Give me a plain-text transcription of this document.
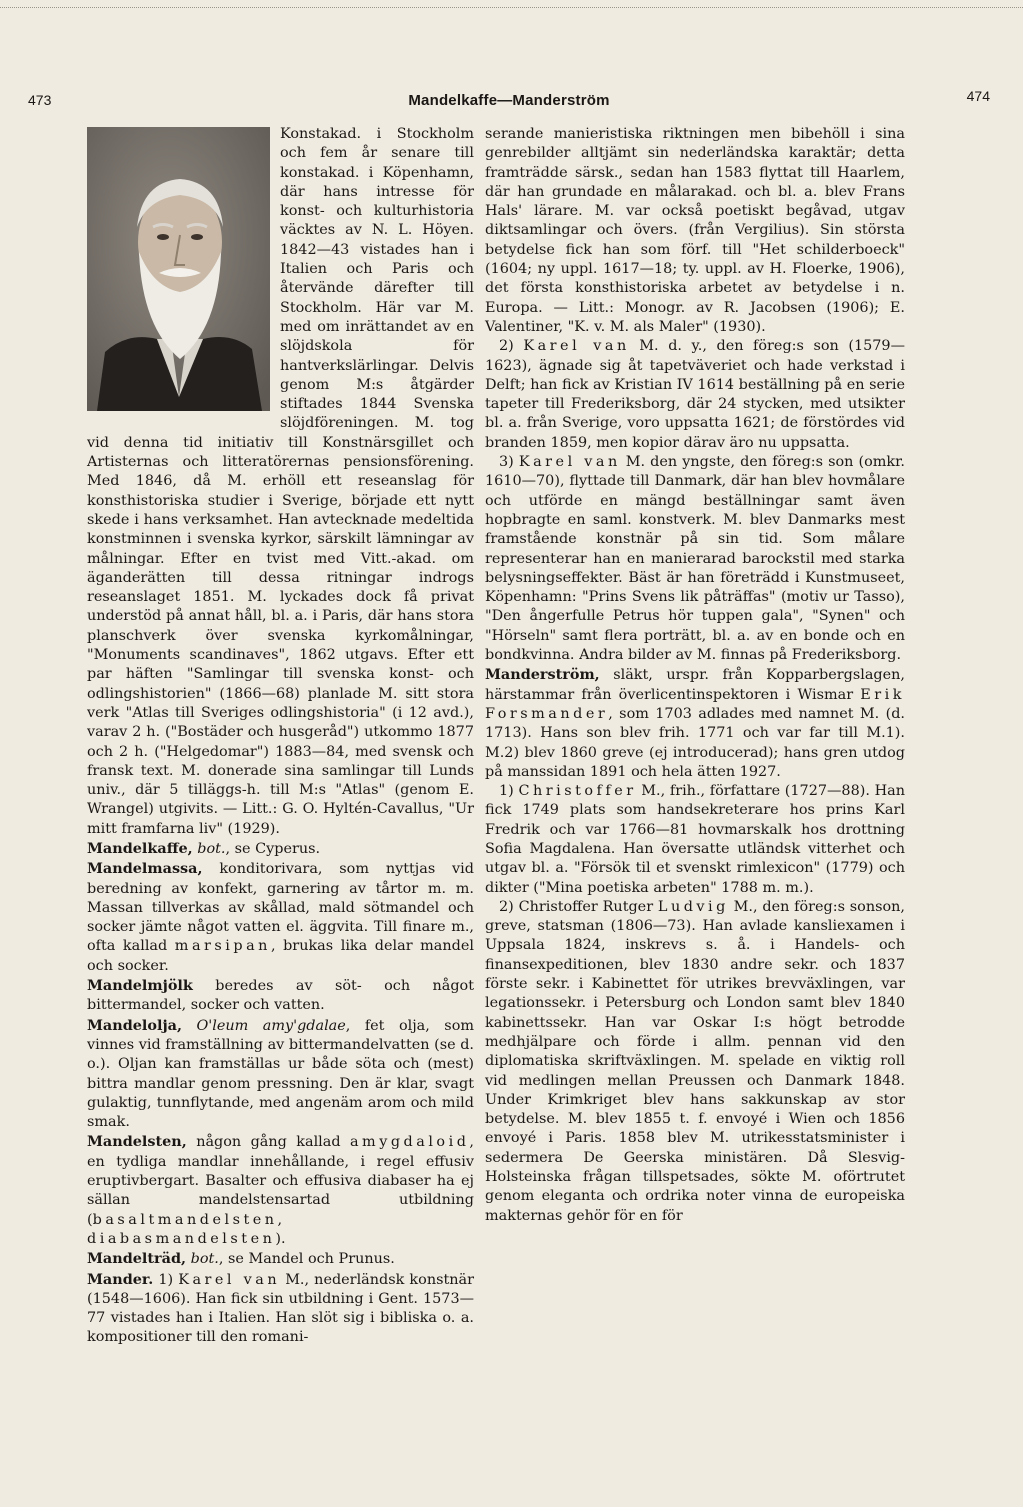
473	Mandelkaffe—Manderström	474

Konstakad. i Stockholm och fem år senare till konstakad. i Köpenhamn, där hans intresse för konst- och kulturhistoria väcktes av N. L. Höyen. 1842—43 vistades han i Italien och Paris och återvände därefter till Stockholm. Här var M. med om inrättandet av en slöjdskola för hantverkslärlingar. Delvis genom M:s åtgärder stiftades 1844 Svenska slöjdföreningen. M. tog vid denna tid initiativ till Konstnärsgillet och Artisternas och litteratörernas pensionsförening. Med 1846, då M. erhöll ett reseanslag för konsthistoriska studier i Sverige, började ett nytt skede i hans verksamhet. Han avtecknade medeltida konstminnen i svenska kyrkor, särskilt lämningar av målningar. Efter en tvist med Vitt.-akad. om äganderätten till dessa ritningar indrogs reseanslaget 1851. M. lyckades dock få privat understöd på annat håll, bl. a. i Paris, där hans stora planschverk över svenska kyrkomålningar, "Monuments scandinaves", 1862 utgavs. Efter ett par häften "Samlingar till svenska konst- och odlingshistorien" (1866—68) planlade M. sitt stora verk "Atlas till Sveriges odlingshistoria" (i 12 avd.), varav 2 h. ("Bostäder och husgeråd") utkommo 1877 och 2 h. ("Helgedomar") 1883—84, med svensk och fransk text. M. donerade sina samlingar till Lunds univ., där 5 tilläggs-h. till M:s "Atlas" (genom E. Wrangel) utgivits. — Litt.: G. O. Hyltén-Cavallus, "Ur mitt framfarna liv" (1929).

Mandelkaffe, bot., se Cyperus.

Mandelmassa, konditorivara, som nyttjas vid beredning av konfekt, garnering av tårtor m. m. Massan tillverkas av skållad, mald sötmandel och socker jämte något vatten el. äggvita. Till finare m., ofta kallad marsipan, brukas lika delar mandel och socker.

Mandelmjölk beredes av söt- och något bittermandel, socker och vatten.

Mandelolja, O'leum amy'gdalae, fet olja, som vinnes vid framställning av bittermandelvatten (se d. o.). Oljan kan framställas ur både söta och (mest) bittra mandlar genom pressning. Den är klar, svagt gulaktig, tunnflytande, med angenäm arom och mild smak.

Mandelsten, någon gång kallad amygdaloid, en tydliga mandlar innehållande, i regel effusiv eruptivbergart. Basalter och effusiva diabaser ha ej sällan mandelstensartad utbildning (basaltmandelsten, diabasmandelsten).

Mandelträd, bot., se Mandel och Prunus.

Mander. 1) Karel van M., nederländsk konstnär (1548—1606). Han fick sin utbildning i Gent. 1573—77 vistades han i Italien. Han slöt sig i bibliska o. a. kompositioner till den romani-

serande manieristiska riktningen men bibehöll i sina genrebilder alltjämt sin nederländska karaktär; detta framträdde särsk., sedan han 1583 flyttat till Haarlem, där han grundade en målarakad. och bl. a. blev Frans Hals' lärare. M. var också poetiskt begåvad, utgav diktsamlingar och övers. (från Vergilius). Sin största betydelse fick han som förf. till "Het schilderboeck" (1604; ny uppl. 1617—18; ty. uppl. av H. Floerke, 1906), det första konsthistoriska arbetet av betydelse i n. Europa. — Litt.: Monogr. av R. Jacobsen (1906); E. Valentiner, "K. v. M. als Maler" (1930).

2) Karel van M. d. y., den föreg:s son (1579—1623), ägnade sig åt tapetväveriet och hade verkstad i Delft; han fick av Kristian IV 1614 beställning på en serie tapeter till Frederiksborg, där 24 stycken, med utsikter bl. a. från Sverige, voro uppsatta 1621; de förstördes vid branden 1859, men kopior därav äro nu uppsatta.

3) Karel van M. den yngste, den föreg:s son (omkr. 1610—70), flyttade till Danmark, där han blev hovmålare och utförde en mängd beställningar samt även hopbragte en saml. konstverk. M. blev Danmarks mest framstående konstnär på sin tid. Som målare representerar han en manierarad barockstil med starka belysningseffekter. Bäst är han företrädd i Kunstmuseet, Köpenhamn: "Prins Svens lik påträffas" (motiv ur Tasso), "Den ångerfulle Petrus hör tuppen gala", "Synen" och "Hörseln" samt flera porträtt, bl. a. av en bonde och en bondkvinna. Andra bilder av M. finnas på Frederiksborg.

Manderström, släkt, urspr. från Kopparbergslagen, härstammar från överlicentinspektoren i Wismar Erik Forsmander, som 1703 adlades med namnet M. (d. 1713). Hans son blev frih. 1771 och var far till M.1). M.2) blev 1860 greve (ej introducerad); hans gren utdog på manssidan 1891 och hela ätten 1927.

1) Christoffer M., frih., författare (1727—88). Han fick 1749 plats som handsekreterare hos prins Karl Fredrik och var 1766—81 hovmarskalk hos drottning Sofia Magdalena. Han översatte utländsk vitterhet och utgav bl. a. "Försök til et svenskt rimlexicon" (1779) och dikter ("Mina poetiska arbeten" 1788 m. m.).

2) Christoffer Rutger Ludvig M., den föreg:s sonson, greve, statsman (1806—73). Han avlade kansliexamen i Uppsala 1824, inskrevs s. å. i Handels- och finansexpeditionen, blev 1830 andre sekr. och 1837 förste sekr. i Kabinettet för utrikes brevväxlingen, var legationssekr. i Petersburg och London samt blev 1840 kabinettssekr. Han var Oskar I:s högt betrodde medhjälpare och förde i allm. pennan vid den diplomatiska skriftväxlingen. M. spelade en viktig roll vid medlingen mellan Preussen och Danmark 1848. Under Krimkriget blev hans sakkunskap av stor betydelse. M. blev 1855 t. f. envoyé i Wien och 1856 envoyé i Paris. 1858 blev M. utrikesstatsminister i sedermera De Geerska ministären. Då Slesvig-Holsteinska frågan tillspetsades, sökte M. oförtrutet genom eleganta och ordrika noter vinna de europeiska makternas gehör för en för
